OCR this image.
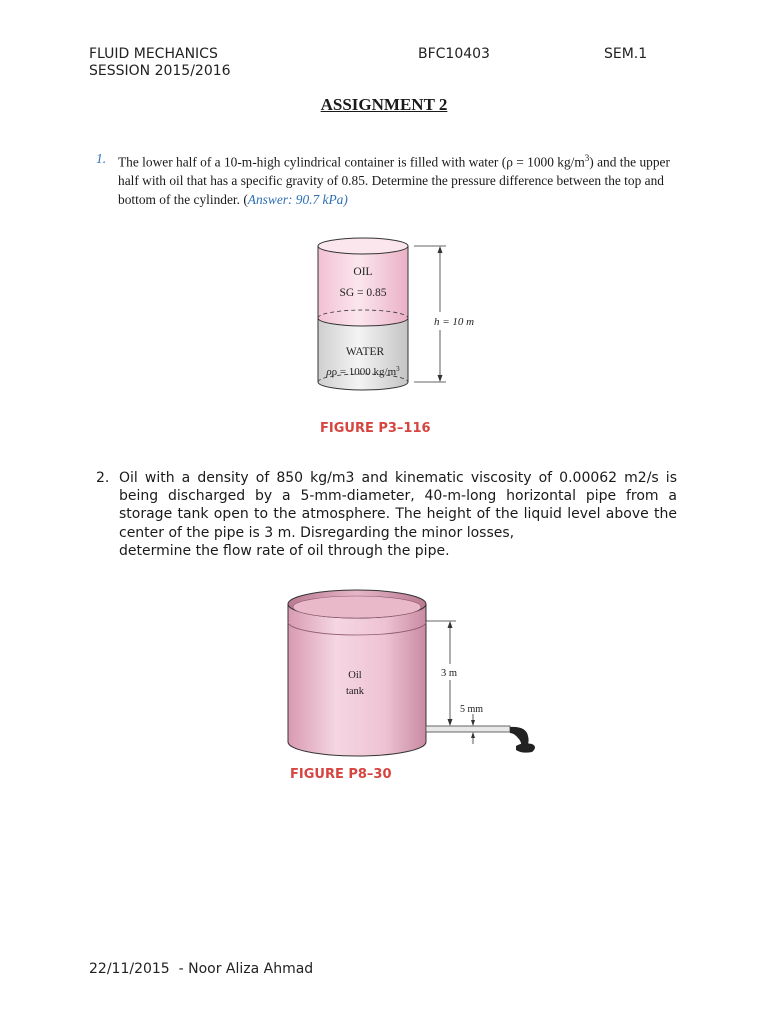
FLUID MECHANICS
SESSION 2015/2016
BFC10403	SEM.1
ASSIGNMENT 2
1. The lower half of a 10-m-high cylindrical container is filled with water (ρ = 1000 $kg/m^3$) and the upper half with oil that has a specific gravity of 0.85. Determine the pressure difference between the top and bottom of the cylinder. (Answer: 90.7 kPa)
OIL
SG = 0.85
WATER
ρρ = 1000 $kg/m^3$
h = 10 m
FIGURE P3–116
2. Oil with a density of 850 kg/m3 and kinematic viscosity of 0.00062 m2/s is being discharged by a 5-mm-diameter, 40-m-long horizontal pipe from a storage tank open to the atmosphere. The height of the liquid level above the center of the pipe is 3 m. Disregarding the minor losses,
determine the flow rate of oil through the pipe.
Oil
tank
3 m
5 mm
FIGURE P8–30
22/11/2015  - Noor Aliza Ahmad
